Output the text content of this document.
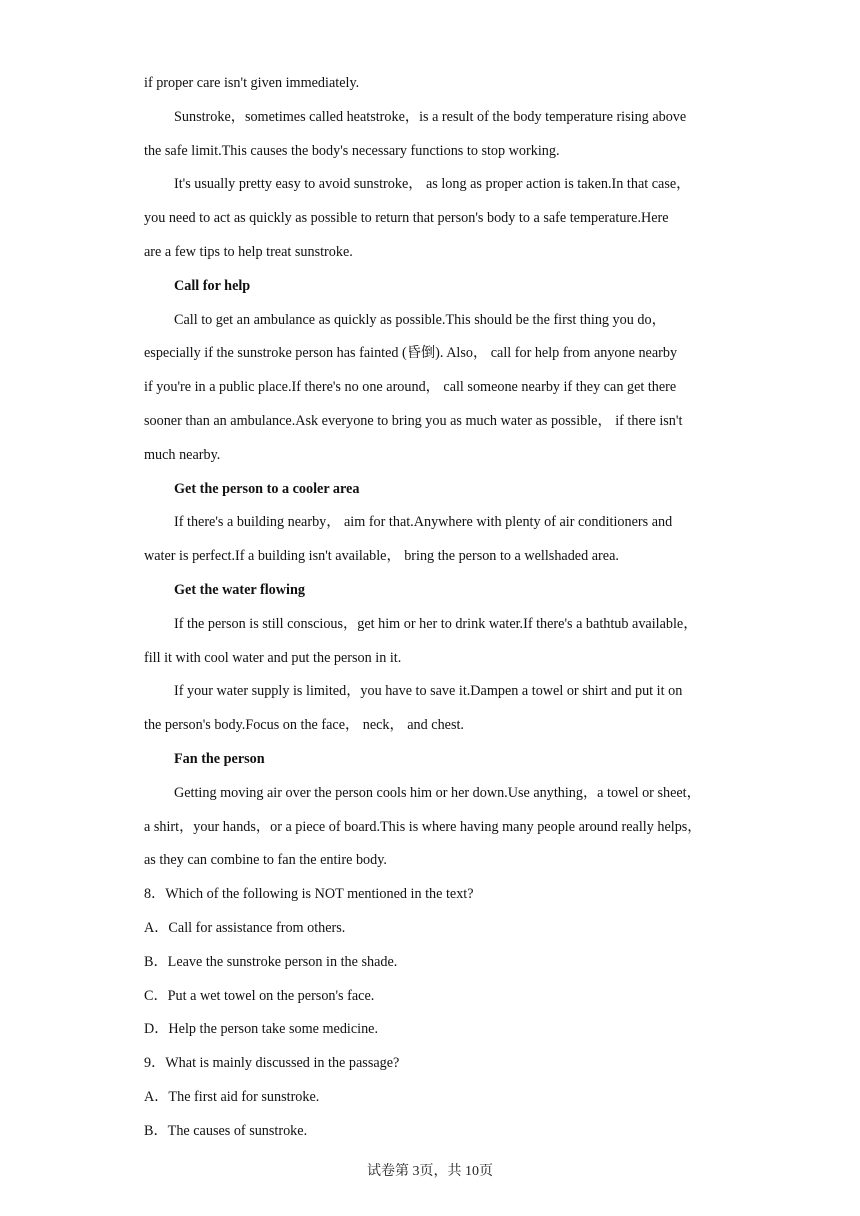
if proper care isn't given immediately.
Sunstroke，sometimes called heatstroke，is a result of the body temperature rising above
the safe limit.This causes the body's necessary functions to stop working.
It's usually pretty easy to avoid sunstroke， as long as proper action is taken.In that case，
you need to act as quickly as possible to return that person's body to a safe temperature.Here
are a few tips to help treat sunstroke.
Call for help
Call to get an ambulance as quickly as possible.This should be the first thing you do，
especially if the sunstroke person has fainted (昏倒). Also， call for help from anyone nearby
if you're in a public place.If there's no one around， call someone nearby if they can get there
sooner than an ambulance.Ask everyone to bring you as much water as possible， if there isn't
much nearby.
Get the person to a cooler area
If there's a building nearby， aim for that.Anywhere with plenty of air conditioners and
water is perfect.If a building isn't available， bring the person to a wellshaded area.
Get the water flowing
If the person is still conscious，get him or her to drink water.If there's a bathtub available，
fill it with cool water and put the person in it.
If your water supply is limited，you have to save it.Dampen a towel or shirt and put it on
the person's body.Focus on the face， neck， and chest.
Fan the person
Getting moving air over the person cools him or her down.Use anything，a towel or sheet，
a shirt，your hands，or a piece of board.This is where having many people around really helps，
as they can combine to fan the entire body.
8．Which of the following is NOT mentioned in the text?
A．Call for assistance from others.
B．Leave the sunstroke person in the shade.
C．Put a wet towel on the person's face.
D．Help the person take some medicine.
9．What is mainly discussed in the passage?
A．The first aid for sunstroke.
B．The causes of sunstroke.
试卷第 3页，共 10页
